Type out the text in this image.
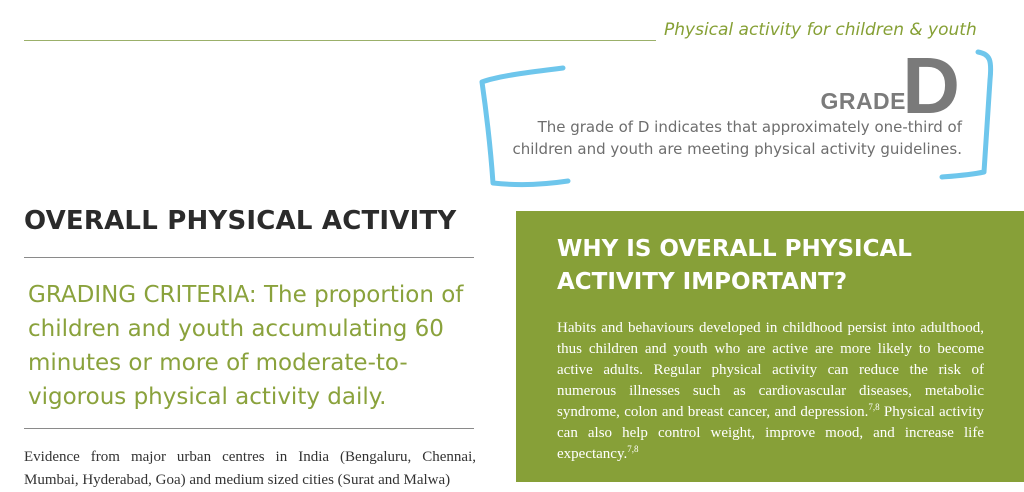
Physical activity for children & youth
GRADE
D
The grade of D indicates that approximately one-third of children and youth are meeting physical activity guidelines.
OVERALL PHYSICAL ACTIVITY
GRADING CRITERIA: The proportion of children and youth accumulating 60 minutes or more of moderate-to-vigorous physical activity daily.
Evidence from major urban centres in India (Bengaluru, Chennai, Mumbai, Hyderabad, Goa) and medium sized cities (Surat and Malwa)
WHY IS OVERALL PHYSICAL ACTIVITY IMPORTANT?

Habits and behaviours developed in childhood persist into adulthood, thus children and youth who are active are more likely to become active adults. Regular physical activity can reduce the risk of numerous illnesses such as cardiovascular diseases, metabolic syndrome, colon and breast cancer, and depression.$^{7,8}$ Physical activity can also help control weight, improve mood, and increase life expectancy.$^{7,8}$
